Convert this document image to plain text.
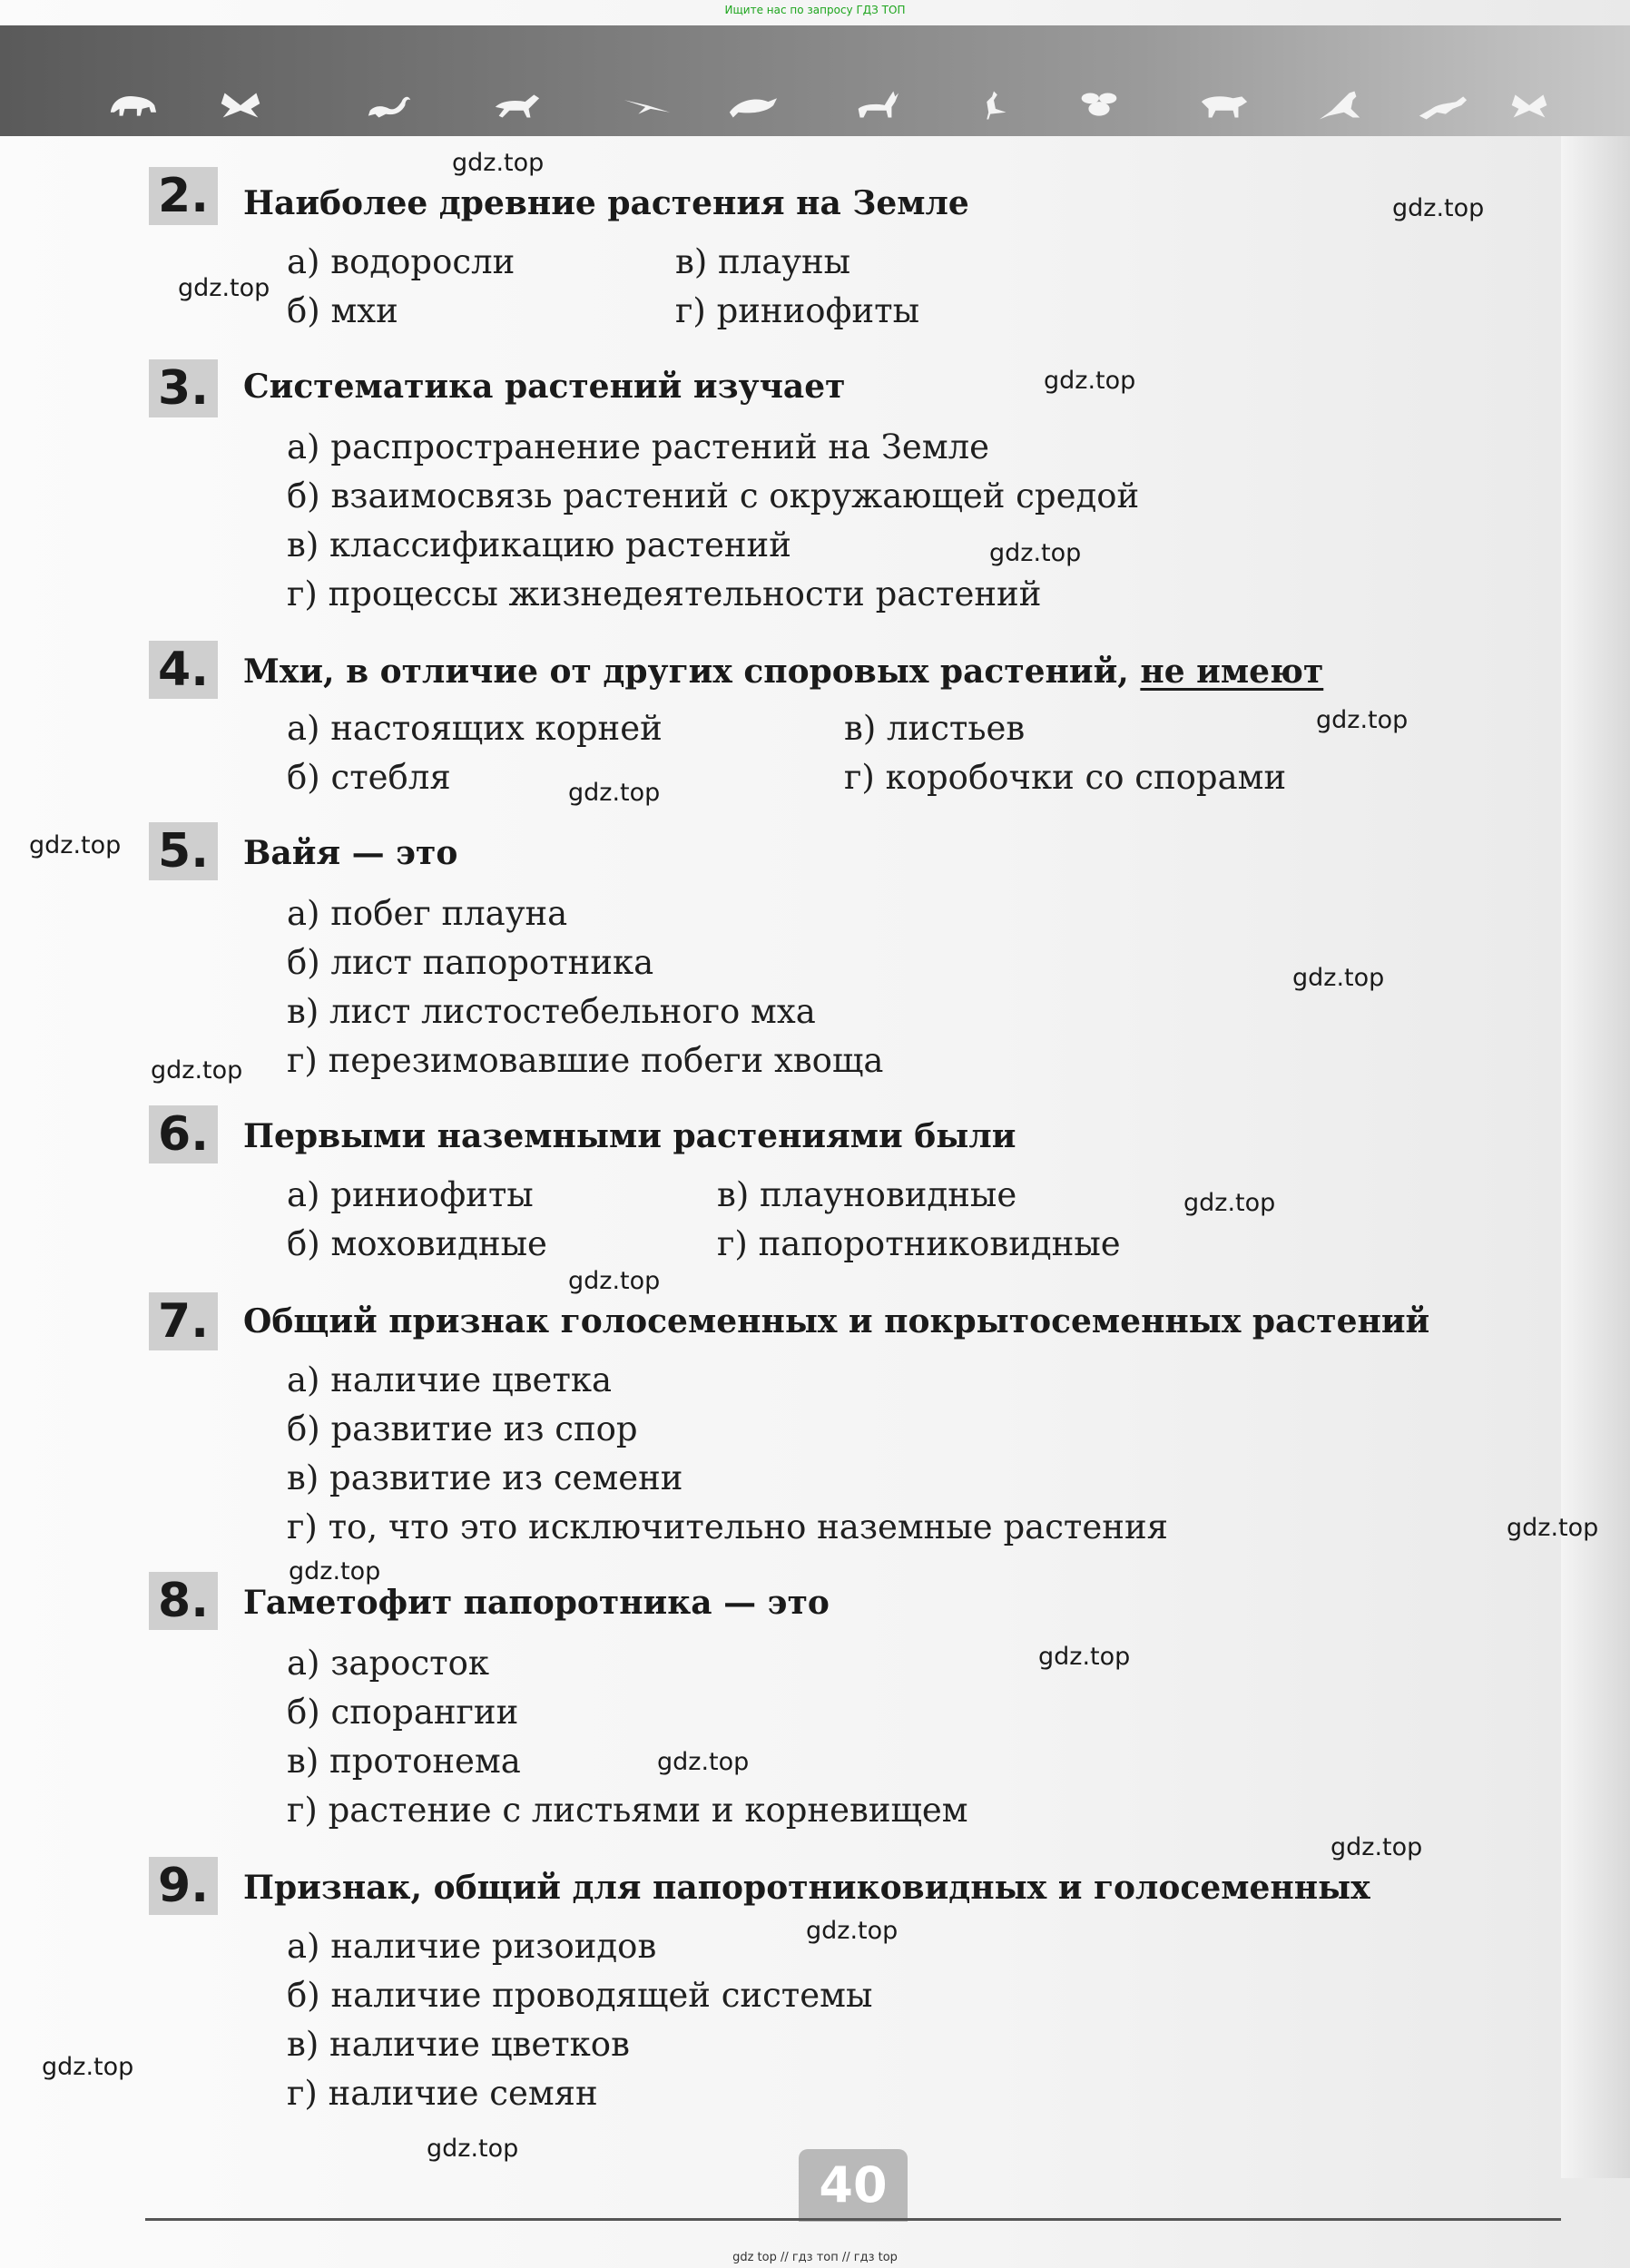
Ищите нас по запросу ГДЗ ТОП
2. Наиболее древние растения на Земле
а) водоросли	в) плауны
б) мхи	г) риниофиты
3. Систематика растений изучает
а) распространение растений на Земле
б) взаимосвязь растений с окружающей средой
в) классификацию растений
г) процессы жизнедеятельности растений
4. Мхи, в отличие от других споровых растений, не имеют
а) настоящих корней	в) листьев
б) стебля	г) коробочки со спорами
5. Вайя — это
а) побег плауна
б) лист папоротника
в) лист листостебельного мха
г) перезимовавшие побеги хвоща
6. Первыми наземными растениями были
а) риниофиты	в) плауновидные
б) моховидные	г) папоротниковидные
7. Общий признак голосеменных и покрытосеменных растений
а) наличие цветка
б) развитие из спор
в) развитие из семени
г) то, что это исключительно наземные растения
8. Гаметофит папоротника — это
а) заросток
б) спорангии
в) протонема
г) растение с листьями и корневищем
9. Признак, общий для папоротниковидных и голосеменных
а) наличие ризоидов
б) наличие проводящей системы
в) наличие цветков
г) наличие семян
gdz.top
gdz.top
gdz.top
gdz.top
gdz.top
gdz.top
gdz.top
gdz.top
gdz.top
gdz.top
gdz.top
gdz.top
gdz.top
gdz.top
gdz.top
gdz.top
gdz.top
gdz.top
gdz.top
gdz.top
40
gdz top // гдз топ // гдз top
